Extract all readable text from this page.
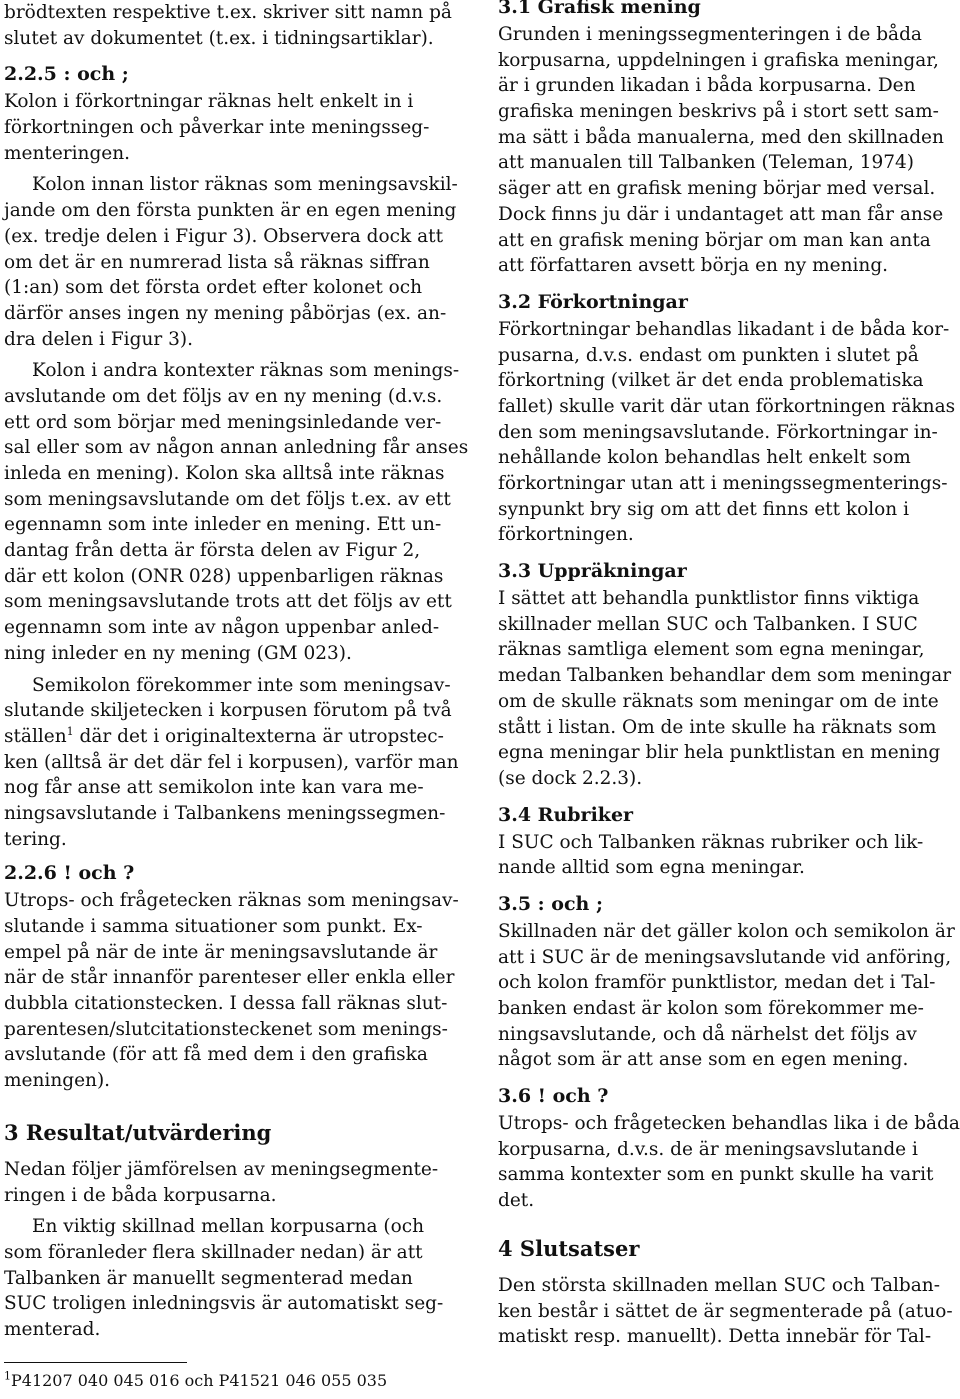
brödtexten respektive t.ex. skriver sitt namn på
slutet av dokumentet (t.ex. i tidningsartiklar).

2.2.5 : och ;

Kolon i förkortningar räknas helt enkelt in i
förkortningen och påverkar inte meningsseg-
menteringen.

Kolon innan listor räknas som meningsavskil-
jande om den första punkten är en egen mening
(ex. tredje delen i Figur 3). Observera dock att
om det är en numrerad lista så räknas siffran
(1:an) som det första ordet efter kolonet och
därför anses ingen ny mening påbörjas (ex. an-
dra delen i Figur 3).

Kolon i andra kontexter räknas som menings-
avslutande om det följs av en ny mening (d.v.s.
ett ord som börjar med meningsinledande ver-
sal eller som av någon annan anledning får anses
inleda en mening). Kolon ska alltså inte räknas
som meningsavslutande om det följs t.ex. av ett
egennamn som inte inleder en mening. Ett un-
dantag från detta är första delen av Figur 2,
där ett kolon (ONR 028) uppenbarligen räknas
som meningsavslutande trots att det följs av ett
egennamn som inte av någon uppenbar anled-
ning inleder en ny mening (GM 023).

Semikolon förekommer inte som meningsav-
slutande skiljetecken i korpusen förutom på två
ställen$^1$ där det i originaltexterna är utropstec-
ken (alltså är det där fel i korpusen), varför man
nog får anse att semikolon inte kan vara me-
ningsavslutande i Talbankens meningssegmen-
tering.

2.2.6 ! och ?

Utrops- och frågetecken räknas som meningsav-
slutande i samma situationer som punkt. Ex-
empel på när de inte är meningsavslutande är
när de står innanför parenteser eller enkla eller
dubbla citationstecken. I dessa fall räknas slut-
parentesen/slutcitationsteckenet som menings-
avslutande (för att få med dem i den grafiska
meningen).

3 Resultat/utvärdering

Nedan följer jämförelsen av meningsegmente-
ringen i de båda korpusarna.

En viktig skillnad mellan korpusarna (och
som föranleder flera skillnader nedan) är att
Talbanken är manuellt segmenterad medan
SUC troligen inledningsvis är automatiskt seg-
menterad.

$^1$P41207 040 045 016 och P41521 046 055 035
3.1 Grafisk mening

Grunden i meningssegmenteringen i de båda
korpusarna, uppdelningen i grafiska meningar,
är i grunden likadan i båda korpusarna. Den
grafiska meningen beskrivs på i stort sett sam-
ma sätt i båda manualerna, med den skillnaden
att manualen till Talbanken (Teleman, 1974)
säger att en grafisk mening börjar med versal.
Dock finns ju där i undantaget att man får anse
att en grafisk mening börjar om man kan anta
att författaren avsett börja en ny mening.

3.2 Förkortningar

Förkortningar behandlas likadant i de båda kor-
pusarna, d.v.s. endast om punkten i slutet på
förkortning (vilket är det enda problematiska
fallet) skulle varit där utan förkortningen räknas
den som meningsavslutande. Förkortningar in-
nehållande kolon behandlas helt enkelt som
förkortningar utan att i meningssegmenterings-
synpunkt bry sig om att det finns ett kolon i
förkortningen.

3.3 Uppräkningar

I sättet att behandla punktlistor finns viktiga
skillnader mellan SUC och Talbanken. I SUC
räknas samtliga element som egna meningar,
medan Talbanken behandlar dem som meningar
om de skulle räknats som meningar om de inte
stått i listan. Om de inte skulle ha räknats som
egna meningar blir hela punktlistan en mening
(se dock 2.2.3).

3.4 Rubriker

I SUC och Talbanken räknas rubriker och lik-
nande alltid som egna meningar.

3.5 : och ;

Skillnaden när det gäller kolon och semikolon är
att i SUC är de meningsavslutande vid anföring,
och kolon framför punktlistor, medan det i Tal-
banken endast är kolon som förekommer me-
ningsavslutande, och då närhelst det följs av
något som är att anse som en egen mening.

3.6 ! och ?

Utrops- och frågetecken behandlas lika i de båda
korpusarna, d.v.s. de är meningsavslutande i
samma kontexter som en punkt skulle ha varit
det.

4 Slutsatser

Den största skillnaden mellan SUC och Talban-
ken består i sättet de är segmenterade på (atuo-
matiskt resp. manuellt). Detta innebär för Tal-
